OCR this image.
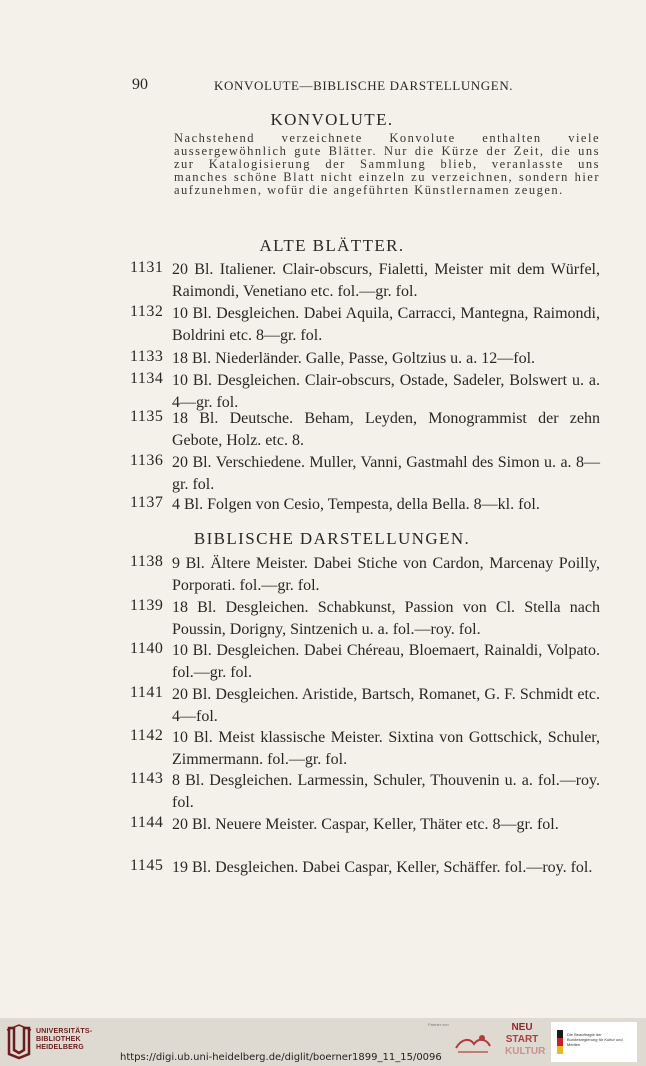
90	KONVOLUTE—BIBLISCHE DARSTELLUNGEN.
KONVOLUTE.

Nachstehend verzeichnete Konvolute enthalten viele aussergewöhnlich gute Blätter. Nur die Kürze der Zeit, die uns zur Katalogisierung der Sammlung blieb, veranlasste uns manches schöne Blatt nicht einzeln zu verzeichnen, sondern hier aufzunehmen, wofür die angeführten Künstlernamen zeugen.

ALTE BLÄTTER.
1131 20 Bl. Italiener. Clair-obscurs, Fialetti, Meister mit dem Würfel, Raimondi, Venetiano etc. fol.—gr. fol.
1132 10 Bl. Desgleichen. Dabei Aquila, Carracci, Mantegna, Raimondi, Boldrini etc. 8—gr. fol.
1133 18 Bl. Niederländer. Galle, Passe, Goltzius u. a. 12—fol.
1134 10 Bl. Desgleichen. Clair-obscurs, Ostade, Sadeler, Bolswert u. a. 4—gr. fol.
1135 18 Bl. Deutsche. Beham, Leyden, Monogrammist der zehn Gebote, Holz. etc. 8.
1136 20 Bl. Verschiedene. Muller, Vanni, Gastmahl des Simon u. a. 8—gr. fol.
1137 4 Bl. Folgen von Cesio, Tempesta, della Bella. 8—kl. fol.
BIBLISCHE DARSTELLUNGEN.
1138 9 Bl. Ältere Meister. Dabei Stiche von Cardon, Marcenay Poilly, Porporati. fol.—gr. fol.
1139 18 Bl. Desgleichen. Schabkunst, Passion von Cl. Stella nach Poussin, Dorigny, Sintzenich u. a. fol.—roy. fol.
1140 10 Bl. Desgleichen. Dabei Chéreau, Bloemaert, Rainaldi, Volpato. fol.—gr. fol.
1141 20 Bl. Desgleichen. Aristide, Bartsch, Romanet, G. F. Schmidt etc. 4—fol.
1142 10 Bl. Meist klassische Meister. Sixtina von Gottschick, Schuler, Zimmermann. fol.—gr. fol.
1143 8 Bl. Desgleichen. Larmessin, Schuler, Thouvenin u. a. fol.—roy. fol.
1144 20 Bl. Neuere Meister. Caspar, Keller, Thäter etc. 8—gr. fol.
1145 19 Bl. Desgleichen. Dabei Caspar, Keller, Schäffer. fol.—roy. fol.
UNIVERSITÄTS-
BIBLIOTHEK
HEIDELBERG
https://digi.ub.uni-heidelberg.de/diglit/boerner1899_11_15/0096
Partner von	NEU
START
KULTUR
Die Beauftragte der Bundesregierung für Kultur und Medien
